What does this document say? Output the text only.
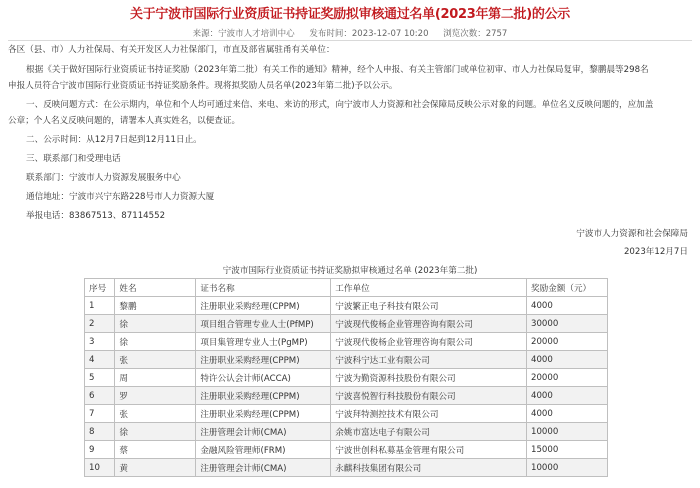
关于宁波市国际行业资质证书持证奖励拟审核通过名单(2023年第二批)的公示
来源：宁波市人才培训中心 发布时间：2023-12-07 10:20 浏览次数：2757
各区（县、市）人力社保局、有关开发区人力社保部门，市直及部省属驻甬有关单位：
根据《关于做好国际行业资质证书持证奖励（2023年第二批）有关工作的通知》精神，经个人申报、有关主管部门或单位初审、市人力社保局复审，黎鹏晨等298名
申报人员符合宁波市国际行业资质证书持证奖励条件。现将拟奖励人员名单(2023年第二批)予以公示。
一、反映问题方式：在公示期内，单位和个人均可通过来信、来电、来访的形式，向宁波市人力资源和社会保障局反映公示对象的问题。单位名义反映问题的，应加盖
公章；个人名义反映问题的，请署本人真实姓名，以便查证。
二、公示时间：从12月7日起到12月11日止。
三、联系部门和受理电话
联系部门：宁波市人力资源发展服务中心
通信地址：宁波市兴宁东路228号市人力资源大厦
举报电话：83867513、87114552
宁波市人力资源和社会保障局
2023年12月7日
宁波市国际行业资质证书持证奖励拟审核通过名单 (2023年第二批)
序号	姓名	证书名称	工作单位	奖励金额（元）
1	黎鹏	注册职业采购经理(CPPM)	宁波繁正电子科技有限公司	4000
2	徐	项目组合管理专业人士(PfMP)	宁波现代俊杨企业管理咨询有限公司	30000
3	徐	项目集管理专业人士(PgMP)	宁波现代俊杨企业管理咨询有限公司	20000
4	张	注册职业采购经理(CPPM)	宁波科宁达工业有限公司	4000
5	周	特许公认会计师(ACCA)	宁波为勤资源科技股份有限公司	20000
6	罗	注册职业采购经理(CPPM)	宁波喜悦智行科技股份有限公司	4000
7	张	注册职业采购经理(CPPM)	宁波拜特测控技术有限公司	4000
8	徐	注册管理会计师(CMA)	余姚市富达电子有限公司	10000
9	蔡	金融风险管理师(FRM)	宁波世创科私募基金管理有限公司	15000
10	黄	注册管理会计师(CMA)	永麒科技集团有限公司	10000
